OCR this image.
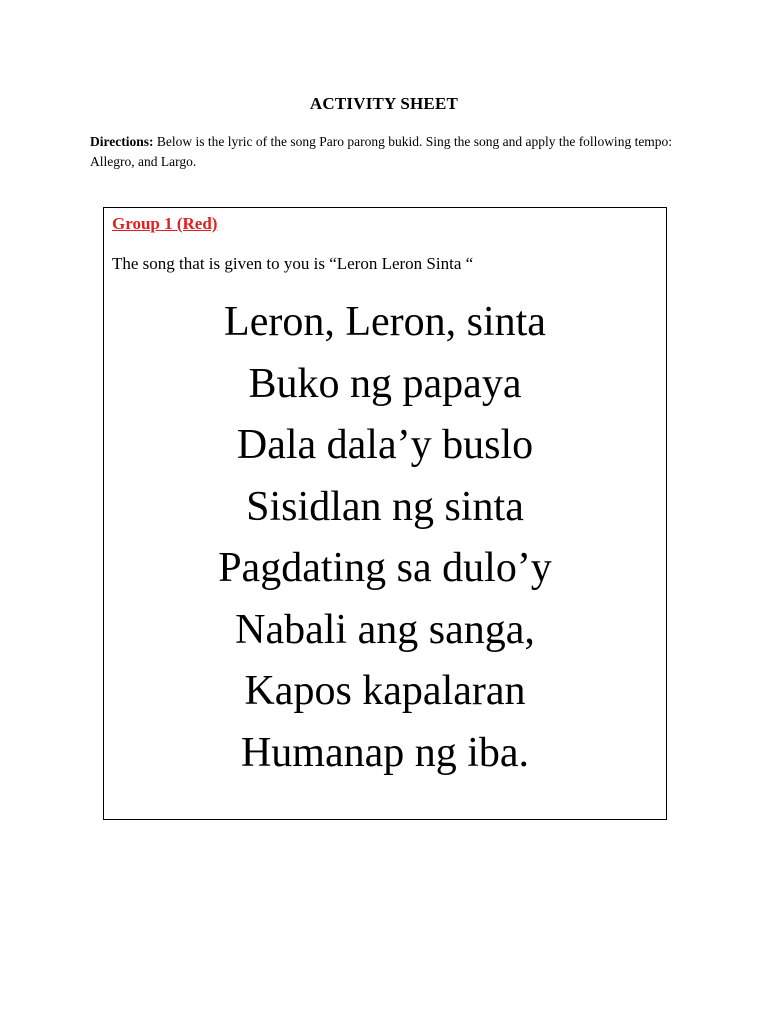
ACTIVITY SHEET
Directions: Below is the lyric of the song Paro parong bukid. Sing the song and apply the following tempo: Allegro, and Largo.
Group 1 (Red)
The song that is given to you is “Leron Leron Sinta “
Leron, Leron, sinta
Buko ng papaya
Dala dala’y buslo
Sisidlan ng sinta
Pagdating sa dulo’y
Nabali ang sanga,
Kapos kapalaran
Humanap ng iba.
